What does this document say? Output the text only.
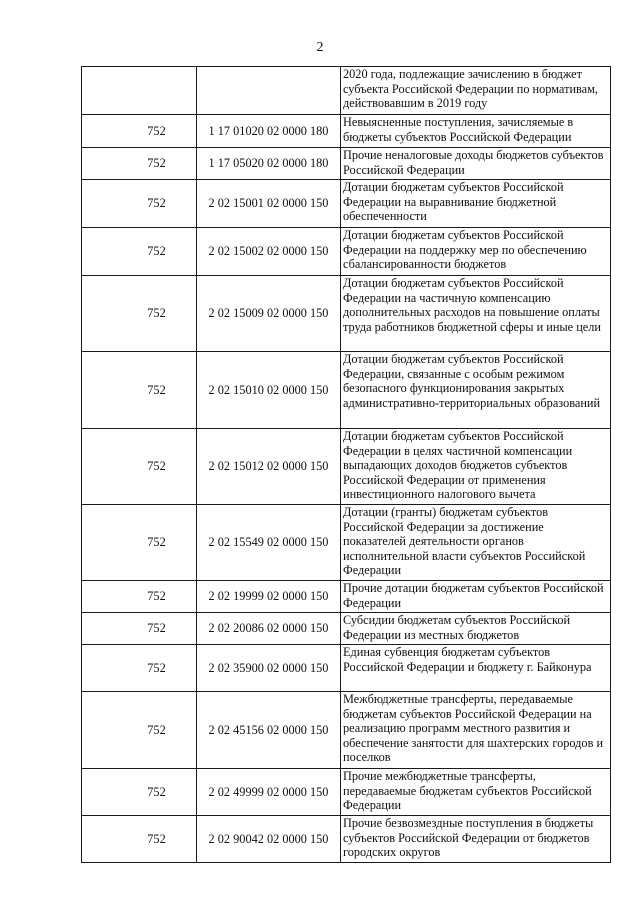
2
		2020 года, подлежащие зачислению в бюджет субъекта Российской Федерации по нормативам, действовавшим в 2019 году

752	1 17 01020 02 0000 180	Невыясненные поступления, зачисляемые в бюджеты субъектов Российской Федерации

752	1 17 05020 02 0000 180	Прочие неналоговые доходы бюджетов субъектов Российской Федерации

752	2 02 15001 02 0000 150	Дотации бюджетам субъектов Российской Федерации на выравнивание бюджетной обеспеченности

752	2 02 15002 02 0000 150	Дотации бюджетам субъектов Российской Федерации на поддержку мер по обеспечению сбалансированности бюджетов

752	2 02 15009 02 0000 150	Дотации бюджетам субъектов Российской Федерации на частичную компенсацию дополнительных расходов на повышение оплаты труда работников бюджетной сферы и иные цели

752	2 02 15010 02 0000 150	Дотации бюджетам субъектов Российской Федерации, связанные с особым режимом безопасного функционирования закрытых административно-территориальных образований

752	2 02 15012 02 0000 150	Дотации бюджетам субъектов Российской Федерации в целях частичной компенсации выпадающих доходов бюджетов субъектов Российской Федерации от применения инвестиционного налогового вычета

752	2 02 15549 02 0000 150	Дотации (гранты) бюджетам субъектов Российской Федерации за достижение показателей деятельности органов исполнительной власти субъектов Российской Федерации

752	2 02 19999 02 0000 150	Прочие дотации бюджетам субъектов Российской Федерации

752	2 02 20086 02 0000 150	Субсидии бюджетам субъектов Российской Федерации из местных бюджетов

752	2 02 35900 02 0000 150	Единая субвенция бюджетам субъектов Российской Федерации и бюджету г. Байконура

752	2 02 45156 02 0000 150	Межбюджетные трансферты, передаваемые бюджетам субъектов Российской Федерации на реализацию программ местного развития и обеспечение занятости для шахтерских городов и поселков

752	2 02 49999 02 0000 150	Прочие межбюджетные трансферты, передаваемые бюджетам субъектов Российской Федерации

752	2 02 90042 02 0000 150	Прочие безвозмездные поступления в бюджеты субъектов Российской Федерации от бюджетов городских округов
